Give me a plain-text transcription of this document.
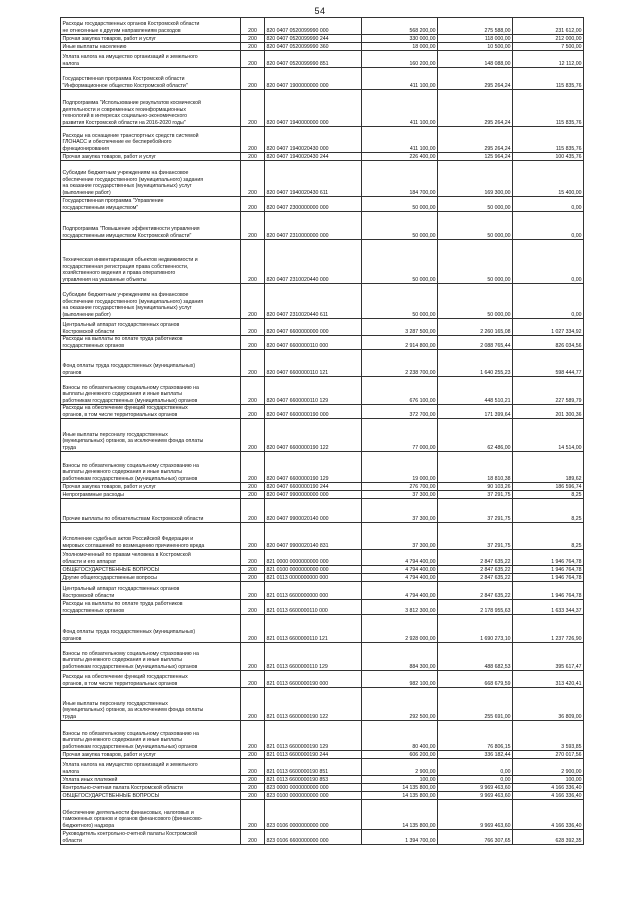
54
Расходы государственных органов Костромской области
не отнесенные к другим направлениям расходов	200	820 0407 0520099990 000	568 200,00	275 588,00	231 612,00
Прочая закупка товаров, работ и услуг	200	820 0407 0520099990 244	330 000,00	118 000,00	212 000,00
Иные выплаты населению	200	820 0407 0520099990 360	18 000,00	10 500,00	7 500,00
Уплата налога на имущество организаций и земельного
налога	200	820 0407 0520099990 851	160 200,00	148 088,00	12 112,00
Государственная программа Костромской области
"Информационное общество Костромской области"	200	820 0407 1900000000 000	411 100,00	295 264,24	115 835,76
Подпрограмма "Использование результатов космической
деятельности и современных геоинформационных
технологий в интересах социально-экономического
развития Костромской области на 2016-2020 годы"	200	820 0407 1940000000 000	411 100,00	295 264,24	115 835,76
Расходы на оснащение транспортных средств системой
ГЛОНАСС и обеспечение ее бесперебойного
функционирования	200	820 0407 1940020430 000	411 100,00	295 264,24	115 835,76
Прочая закупка товаров, работ и услуг	200	820 0407 1940020430 244	226 400,00	125 964,24	100 435,76
Субсидии бюджетным учреждениям на финансовое
обеспечение государственного (муниципального) задания
на оказание государственных (муниципальных) услуг
(выполнение работ)	200	820 0407 1940020430 611	184 700,00	169 300,00	15 400,00
Государственная программа "Управление
государственным имуществом"	200	820 0407 2300000000 000	50 000,00	50 000,00	0,00
Подпрограмма "Повышение эффективности управления
государственным имуществом Костромской области"	200	820 0407 2310000000 000	50 000,00	50 000,00	0,00
Техническая инвентаризация объектов недвижимости и
государственная регистрация права собственности,
хозяйственного ведения и права оперативного
управления на указанные объекты	200	820 0407 2310020440 000	50 000,00	50 000,00	0,00
Субсидии бюджетным учреждениям на финансовое
обеспечение государственного (муниципального) задания
на оказание государственных (муниципальных) услуг
(выполнение работ)	200	820 0407 2310020440 611	50 000,00	50 000,00	0,00
Центральный аппарат государственных органов
Костромской области	200	820 0407 6600000000 000	3 287 500,00	2 260 165,08	1 027 334,92
Расходы на выплаты по оплате труда работников
государственных органов	200	820 0407 6600000110 000	2 914 800,00	2 088 765,44	826 034,56
Фонд оплаты труда государственных (муниципальных)
органов	200	820 0407 6600000110 121	2 238 700,00	1 640 255,23	598 444,77
Взносы по обязательному социальному страхованию на
выплаты денежного содержания и иные выплаты
работникам государственных (муниципальных) органов	200	820 0407 6600000110 129	676 100,00	448 510,21	227 589,79
Расходы на обеспечение функций государственных
органов, в том числе территориальных органов	200	820 0407 6600000190 000	372 700,00	171 399,64	201 300,36
Иные выплаты персоналу государственных
(муниципальных) органов, за исключением фонда оплаты
труда	200	820 0407 6600000190 122	77 000,00	62 486,00	14 514,00
Взносы по обязательному социальному страхованию на
выплаты денежного содержания и иные выплаты
работникам государственных (муниципальных) органов	200	820 0407 6600000190 129	19 000,00	18 810,38	189,62
Прочая закупка товаров, работ и услуг	200	820 0407 6600000190 244	276 700,00	90 103,26	186 596,74
Непрограммные расходы	200	820 0407 9900000000 000	37 300,00	37 291,75	8,25
Прочие выплаты по обязательствам Костромской области	200	820 0407 9900020140 000	37 300,00	37 291,75	8,25
Исполнение судебных актов Российской Федерации и
мировых соглашений по возмещению причиненного вреда	200	820 0407 9900020140 831	37 300,00	37 291,75	8,25
Уполномоченный по правам человека в Костромской
области и его аппарат	200	821 0000 0000000000 000	4 794 400,00	2 847 635,22	1 946 764,78
ОБЩЕГОСУДАРСТВЕННЫЕ ВОПРОСЫ	200	821 0100 0000000000 000	4 794 400,00	2 847 635,22	1 946 764,78
Другие общегосударственные вопросы	200	821 0113 0000000000 000	4 794 400,00	2 847 635,22	1 946 764,78
Центральный аппарат государственных органов
Костромской области	200	821 0113 6600000000 000	4 794 400,00	2 847 635,22	1 946 764,78
Расходы на выплаты по оплате труда работников
государственных органов	200	821 0113 6600000110 000	3 812 300,00	2 178 955,63	1 633 344,37
Фонд оплаты труда государственных (муниципальных)
органов	200	821 0113 6600000110 121	2 928 000,00	1 690 273,10	1 237 726,90
Взносы по обязательному социальному страхованию на
выплаты денежного содержания и иные выплаты
работникам государственных (муниципальных) органов	200	821 0113 6600000110 129	884 300,00	488 682,53	395 617,47
Расходы на обеспечение функций государственных
органов, в том числе территориальных органов	200	821 0113 6600000190 000	982 100,00	668 679,59	313 420,41
Иные выплаты персоналу государственных
(муниципальных) органов, за исключением фонда оплаты
труда	200	821 0113 6600000190 122	292 500,00	255 691,00	36 809,00
Взносы по обязательному социальному страхованию на
выплаты денежного содержания и иные выплаты
работникам государственных (муниципальных) органов	200	821 0113 6600000190 129	80 400,00	76 806,15	3 593,85
Прочая закупка товаров, работ и услуг	200	821 0113 6600000190 244	606 200,00	336 182,44	270 017,56
Уплата налога на имущество организаций и земельного
налога	200	821 0113 6600000190 851	2 900,00	0,00	2 900,00
Уплата иных платежей	200	821 0113 6600000190 853	100,00	0,00	100,00
Контрольно-счетная палата Костромской области	200	823 0000 0000000000 000	14 135 800,00	9 969 463,60	4 166 336,40
ОБЩЕГОСУДАРСТВЕННЫЕ ВОПРОСЫ	200	823 0100 0000000000 000	14 135 800,00	9 969 463,60	4 166 336,40
Обеспечение деятельности финансовых, налоговых и
таможенных органов и органов финансового (финансово-
бюджетного) надзора	200	823 0106 0000000000 000	14 135 800,00	9 969 463,60	4 166 336,40
Руководитель контрольно-счетной палаты Костромской
области	200	823 0106 6600000000 000	1 394 700,00	766 307,65	628 392,35
